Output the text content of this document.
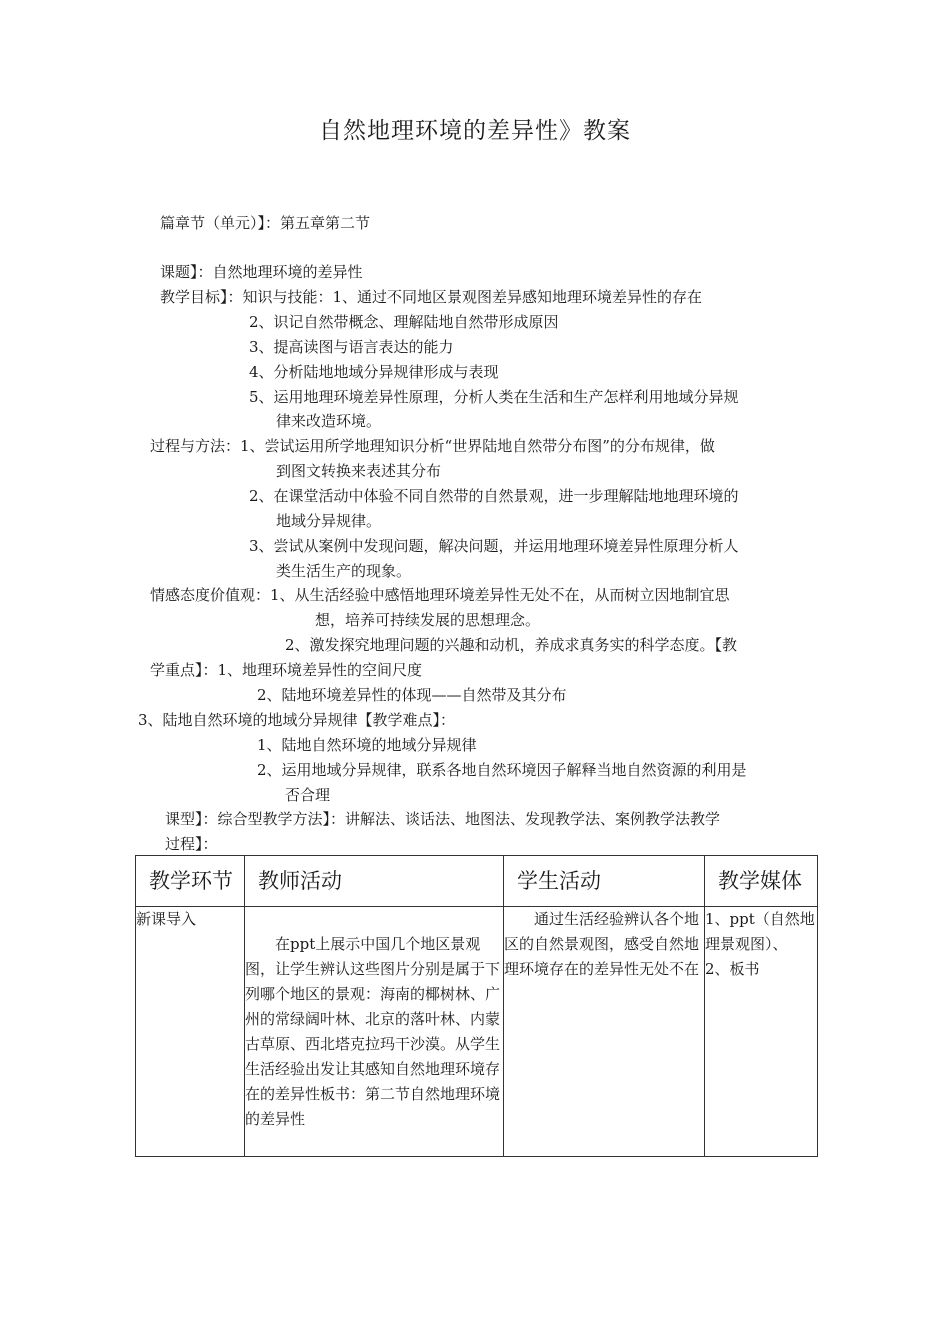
自然地理环境的差异性》教案
篇章节（单元）】：第五章第二节
课题】：自然地理环境的差异性
教学目标】：知识与技能：1、通过不同地区景观图差异感知地理环境差异性的存在
2、识记自然带概念、理解陆地自然带形成原因
3、提高读图与语言表达的能力
4、分析陆地地域分异规律形成与表现
5、运用地理环境差异性原理，分析人类在生活和生产怎样利用地域分异规
律来改造环境。
过程与方法：1、尝试运用所学地理知识分析“世界陆地自然带分布图”的分布规律，做
到图文转换来表述其分布
2、在课堂活动中体验不同自然带的自然景观，进一步理解陆地地理环境的
地域分异规律。
3、尝试从案例中发现问题，解决问题，并运用地理环境差异性原理分析人
类生活生产的现象。
情感态度价值观：1、从生活经验中感悟地理环境差异性无处不在，从而树立因地制宜思
想，培养可持续发展的思想理念。
2、激发探究地理问题的兴趣和动机，养成求真务实的科学态度。【教
学重点】：1、地理环境差异性的空间尺度
2、陆地环境差异性的体现——自然带及其分布
3、陆地自然环境的地域分异规律【教学难点】：
1、陆地自然环境的地域分异规律
2、运用地域分异规律，联系各地自然环境因子解释当地自然资源的利用是
否合理
课型】：综合型教学方法】：讲解法、谈话法、地图法、发现教学法、案例教学法教学
过程】：
教学环节	教师活动	学生活动	教学媒体
新课导入	在ppt上展示中国几个地区景观图，让学生辨认这些图片分别是属于下列哪个地区的景观：海南的椰树林、广州的常绿阔叶林、北京的落叶林、内蒙古草原、西北塔克拉玛干沙漠。从学生生活经验出发让其感知自然地理环境存在的差异性板书：第二节自然地理环境的差异性	通过生活经验辨认各个地区的自然景观图，感受自然地理环境存在的差异性无处不在	1、ppt（自然地理景观图）、
2、板书
